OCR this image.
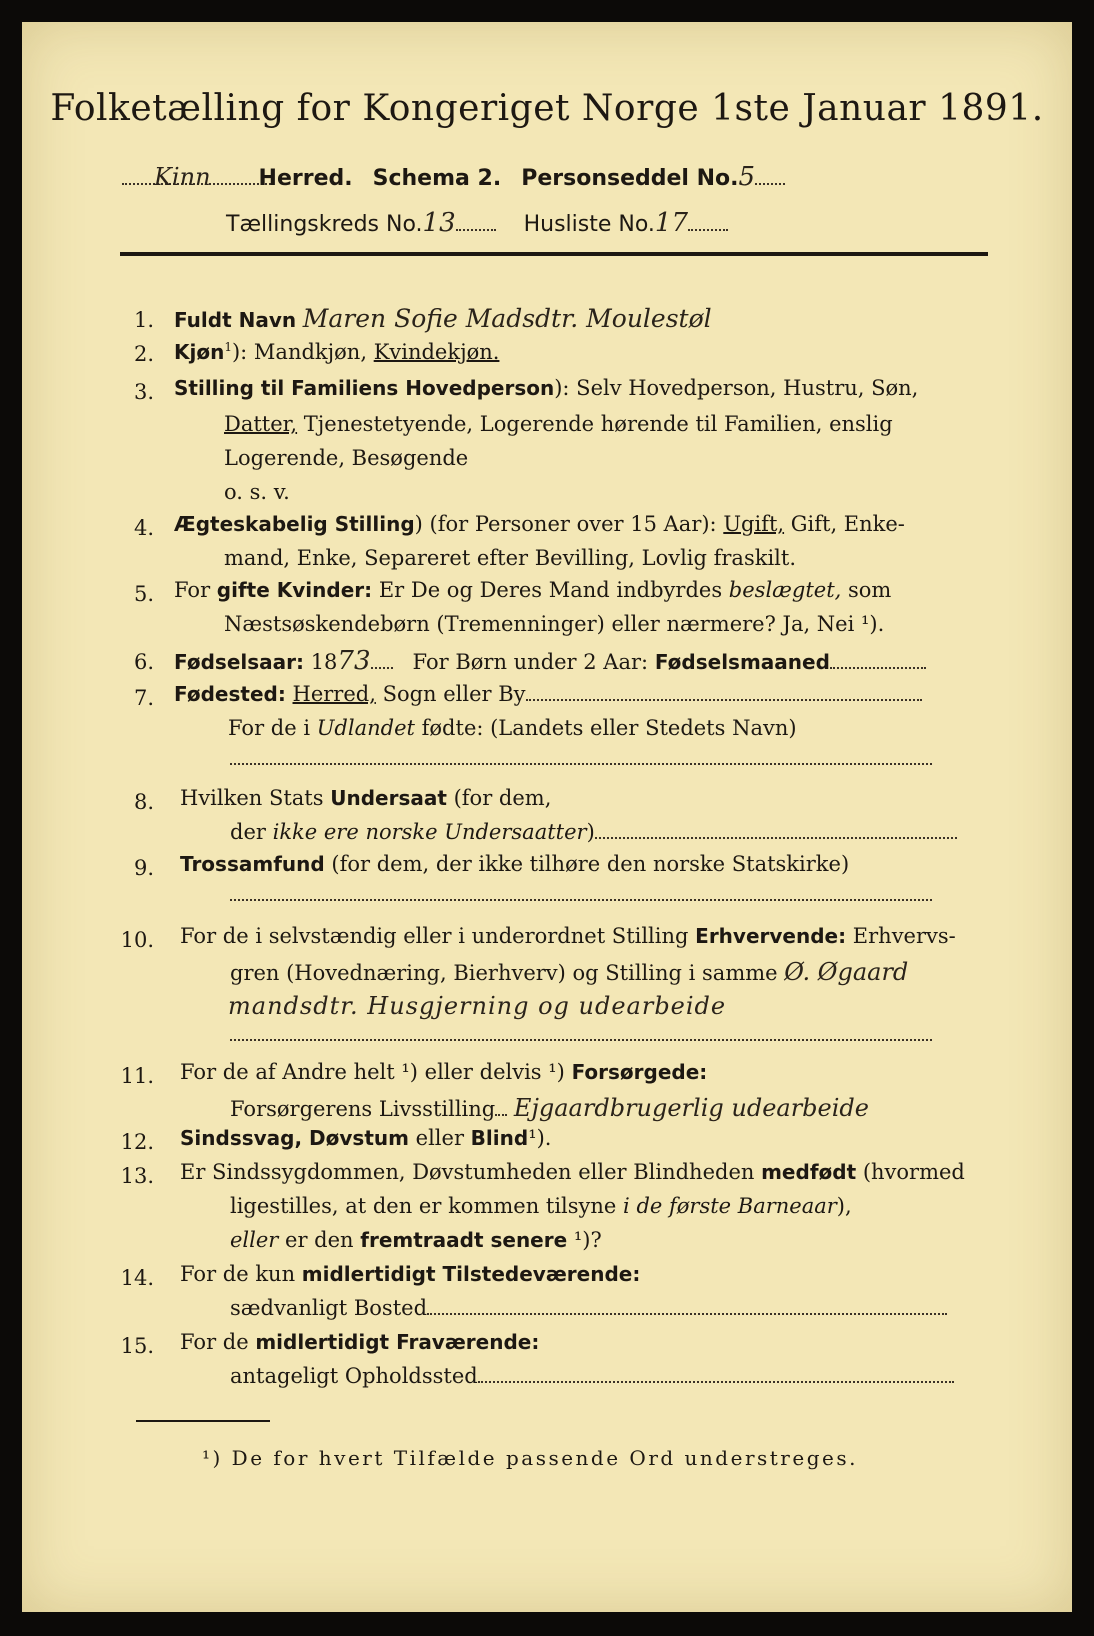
Folketælling for Kongeriget Norge 1ste Januar 1891.
Kinn Herred. Schema 2. Personseddel No.5
Tællingskreds No.13	Husliste No.17
1. Fuldt Navn Maren Sofie Madsdtr. Moulestøl
2. Kjøn$^1$): Mandkjøn, Kvindekjøn.
3. Stilling til Familiens Hovedperson): Selv Hovedperson, Hustru, Søn,
Datter, Tjenestetyende, Logerende hørende til Familien, enslig
Logerende, Besøgende
o. s. v.
4. Ægteskabelig Stilling) (for Personer over 15 Aar): Ugift, Gift, Enke-
mand, Enke, Separeret efter Bevilling, Lovlig fraskilt.
5. For gifte Kvinder: Er De og Deres Mand indbyrdes beslægtet, som
Næstsøskendebørn (Tremenninger) eller nærmere? Ja, Nei ¹).
6. Fødselsaar: 1873 For Børn under 2 Aar: Fødselsmaaned
7. Fødested: Herred, Sogn eller By
For de i Udlandet fødte: (Landets eller Stedets Navn)
8. Hvilken Stats Undersaat (for dem,
der ikke ere norske Undersaatter)
9. Trossamfund (for dem, der ikke tilhøre den norske Statskirke)
10. For de i selvstændig eller i underordnet Stilling Erhvervende: Erhvervs-
gren (Hovednæring, Bierhverv) og Stilling i samme Ø. Øgaard
mandsdtr. Husgjerning og udearbeide
11. For de af Andre helt ¹) eller delvis ¹) Forsørgede:
Forsørgerens Livsstilling Ejgaardbrugerlig udearbeide
12. Sindssvag, Døvstum eller Blind¹).
13. Er Sindssygdommen, Døvstumheden eller Blindheden medfødt (hvormed
ligestilles, at den er kommen tilsyne i de første Barneaar),
eller er den fremtraadt senere ¹)?
14. For de kun midlertidigt Tilstedeværende:
sædvanligt Bosted
15. For de midlertidigt Fraværende:
antageligt Opholdssted
¹) De for hvert Tilfælde passende Ord understreges.
